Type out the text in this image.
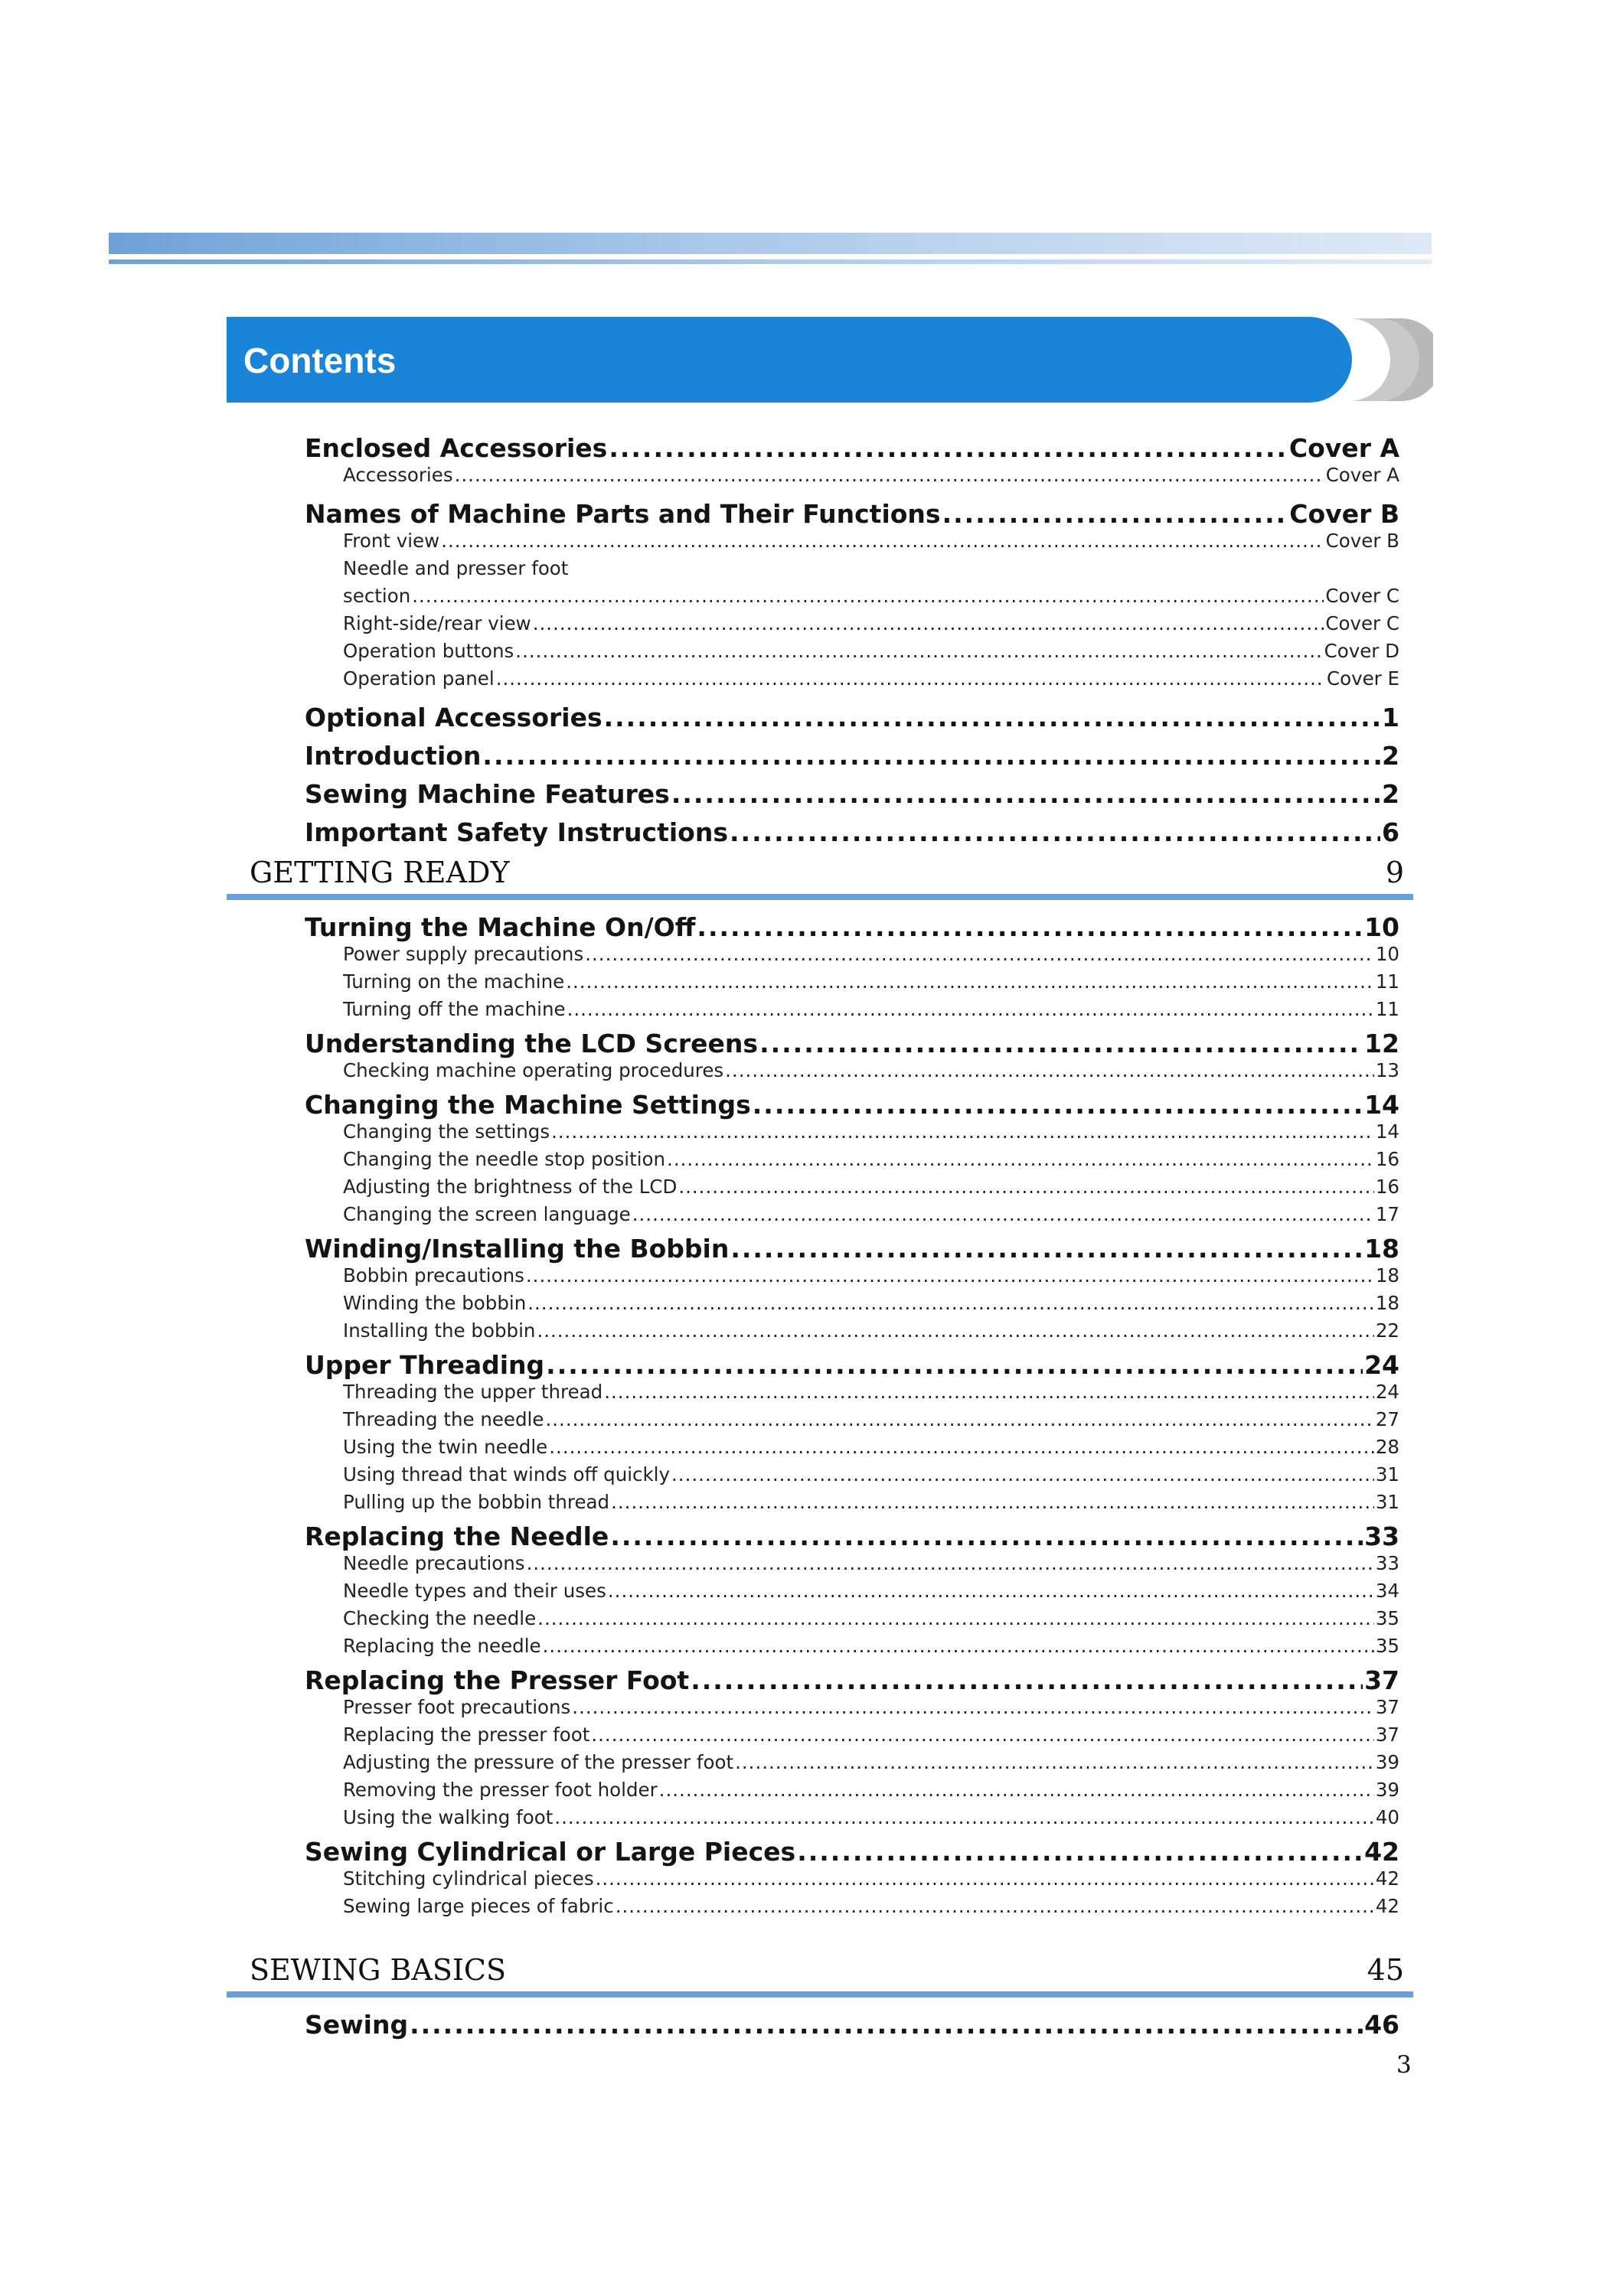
Contents
Enclosed Accessories .....	Cover A
Accessories .....	Cover A
Names of Machine Parts and Their Functions .....	Cover B
Front view .....	Cover B
Needle and presser foot
section .....	Cover C
Right-side/rear view .....	Cover C
Operation buttons .....	Cover D
Operation panel .....	Cover E
Optional Accessories .....	1
Introduction .....	2
Sewing Machine Features .....	2
Important Safety Instructions .....	6
GETTING READY	9
Turning the Machine On/Off .....	10
Power supply precautions .....	10
Turning on the machine .....	11
Turning off the machine .....	11
Understanding the LCD Screens .....	12
Checking machine operating procedures .....	13
Changing the Machine Settings .....	14
Changing the settings .....	14
Changing the needle stop position .....	16
Adjusting the brightness of the LCD .....	16
Changing the screen language .....	17
Winding/Installing the Bobbin .....	18
Bobbin precautions .....	18
Winding the bobbin .....	18
Installing the bobbin .....	22
Upper Threading .....	24
Threading the upper thread .....	24
Threading the needle .....	27
Using the twin needle .....	28
Using thread that winds off quickly .....	31
Pulling up the bobbin thread .....	31
Replacing the Needle .....	33
Needle precautions .....	33
Needle types and their uses .....	34
Checking the needle .....	35
Replacing the needle .....	35
Replacing the Presser Foot .....	37
Presser foot precautions .....	37
Replacing the presser foot .....	37
Adjusting the pressure of the presser foot .....	39
Removing the presser foot holder .....	39
Using the walking foot .....	40
Sewing Cylindrical or Large Pieces .....	42
Stitching cylindrical pieces .....	42
Sewing large pieces of fabric .....	42
SEWING BASICS	45
Sewing .....	46
3
